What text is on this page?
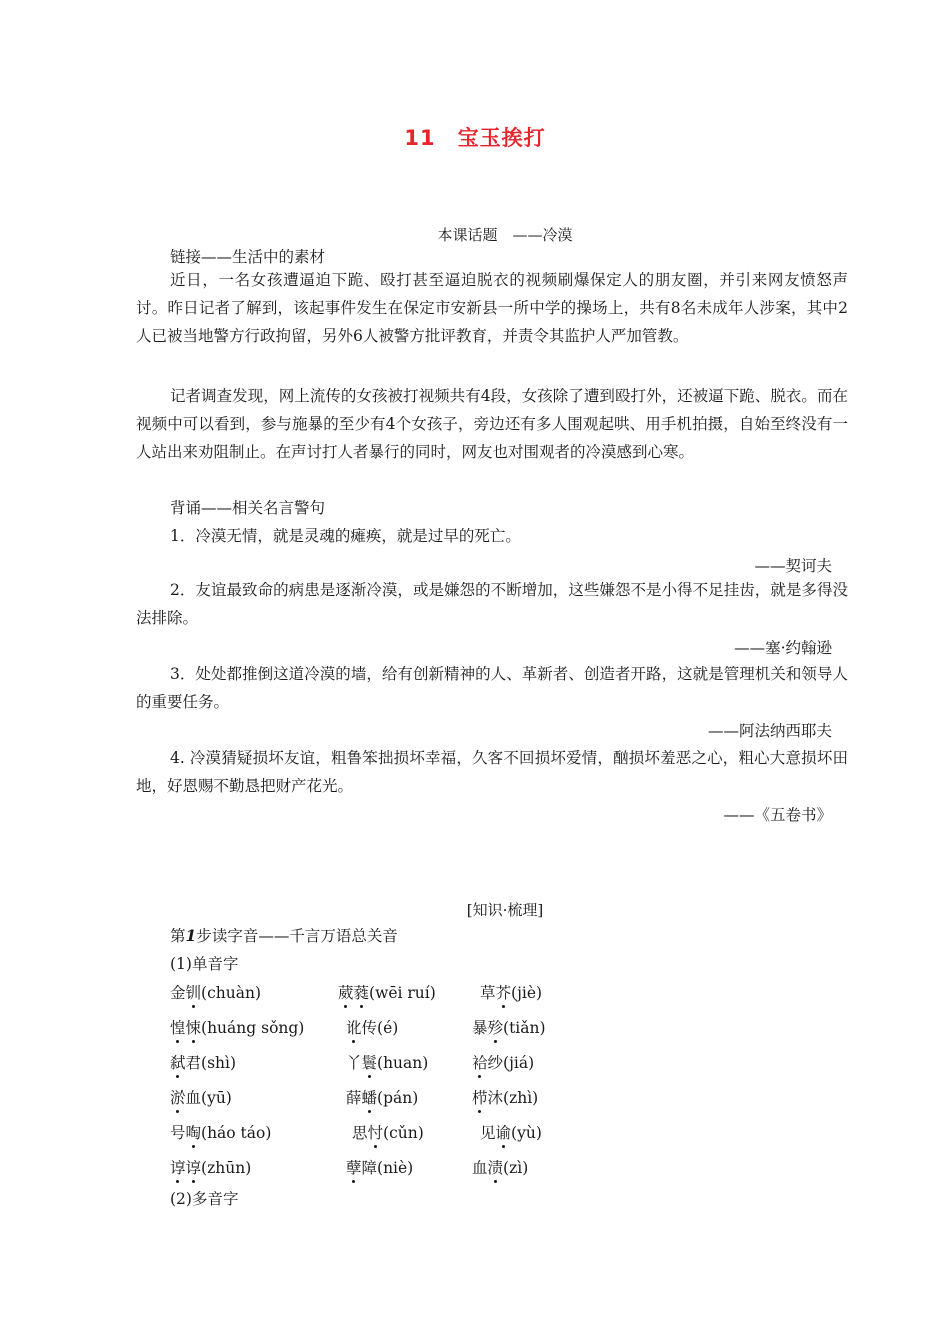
11　宝玉挨打
本课话题　——冷漠
链接——生活中的素材
近日，一名女孩遭逼迫下跪、殴打甚至逼迫脱衣的视频刷爆保定人的朋友圈，并引来网友愤怒声讨。昨日记者了解到，该起事件发生在保定市安新县一所中学的操场上，共有8名未成年人涉案，其中2人已被当地警方行政拘留，另外6人被警方批评教育，并责令其监护人严加管教。
记者调查发现，网上流传的女孩被打视频共有4段，女孩除了遭到殴打外，还被逼下跪、脱衣。而在视频中可以看到，参与施暴的至少有4个女孩子，旁边还有多人围观起哄、用手机拍摄，自始至终没有一人站出来劝阻制止。在声讨打人者暴行的同时，网友也对围观者的冷漠感到心寒。
背诵——相关名言警句
1．冷漠无情，就是灵魂的瘫痪，就是过早的死亡。
——契诃夫
2．友谊最致命的病患是逐渐冷漠，或是嫌怨的不断增加，这些嫌怨不是小得不足挂齿，就是多得没法排除。
——塞·约翰逊
3．处处都推倒这道冷漠的墙，给有创新精神的人、革新者、创造者开路，这就是管理机关和领导人的重要任务。
——阿法纳西耶夫
4. 冷漠猜疑损坏友谊，粗鲁笨拙损坏幸福，久客不回损坏爱情，酗损坏羞恶之心，粗心大意损坏田地，好恩赐不勤恳把财产花光。
——《五卷书》
[知识·梳理]
第1步读字音——千言万语总关音
(1)单音字
金钏(chuàn)	葳蕤(wēi ruí)	草芥(jiè)
惶悚(huáng sǒng)	讹传(é)	暴殄(tiǎn)
弑君(shì)	丫鬟(huan)	袷纱(jiá)
淤血(yū)	薛蟠(pán)	栉沐(zhì)
号啕(háo táo)	思忖(cǔn)	见谕(yù)
谆谆(zhūn)	孽障(niè)	血渍(zì)
(2)多音字
